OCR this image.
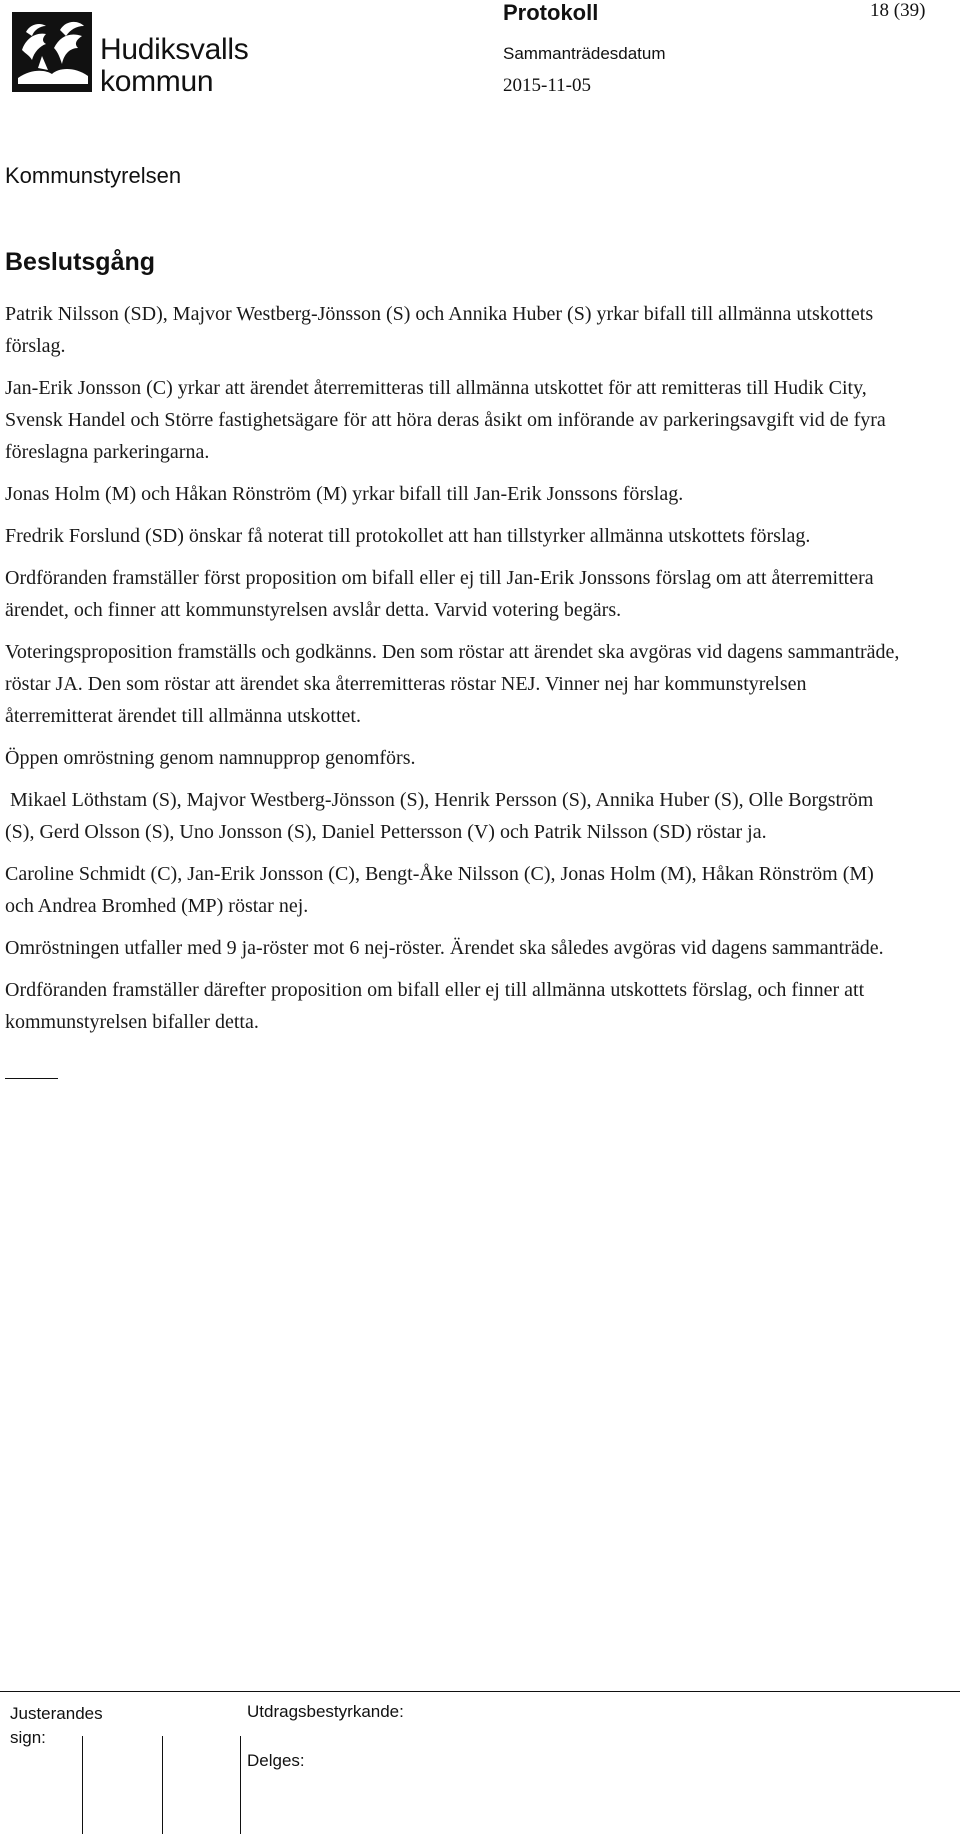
Hudiksvalls
kommun
Protokoll	18 (39)
Sammanträdesdatum
2015-11-05
Kommunstyrelsen
Beslutsgång

Patrik Nilsson (SD), Majvor Westberg-Jönsson (S) och Annika Huber (S) yrkar bifall till allmänna utskottets förslag.

Jan-Erik Jonsson (C) yrkar att ärendet återremitteras till allmänna utskottet för att remitteras till Hudik City, Svensk Handel och Större fastighetsägare för att höra deras åsikt om införande av parkeringsavgift vid de fyra föreslagna parkeringarna.

Jonas Holm (M) och Håkan Rönström (M) yrkar bifall till Jan-Erik Jonssons förslag.

Fredrik Forslund (SD) önskar få noterat till protokollet att han tillstyrker allmänna utskottets förslag.

Ordföranden framställer först proposition om bifall eller ej till Jan-Erik Jonssons förslag om att återremittera ärendet, och finner att kommunstyrelsen avslår detta. Varvid votering begärs.

Voteringsproposition framställs och godkänns. Den som röstar att ärendet ska avgöras vid dagens sammanträde, röstar JA. Den som röstar att ärendet ska återremitteras röstar NEJ. Vinner nej har kommunstyrelsen återremitterat ärendet till allmänna utskottet.

Öppen omröstning genom namnupprop genomförs.

Mikael Löthstam (S), Majvor Westberg-Jönsson (S), Henrik Persson (S), Annika Huber (S), Olle Borgström (S), Gerd Olsson (S), Uno Jonsson (S), Daniel Pettersson (V) och Patrik Nilsson (SD) röstar ja.

Caroline Schmidt (C), Jan-Erik Jonsson (C), Bengt-Åke Nilsson (C), Jonas Holm (M), Håkan Rönström (M) och Andrea Bromhed (MP) röstar nej.

Omröstningen utfaller med 9 ja-röster mot 6 nej-röster. Ärendet ska således avgöras vid dagens sammanträde.

Ordföranden framställer därefter proposition om bifall eller ej till allmänna utskottets förslag, och finner att kommunstyrelsen bifaller detta.

Justerandes sign:
Utdragsbestyrkande:
Delges:
